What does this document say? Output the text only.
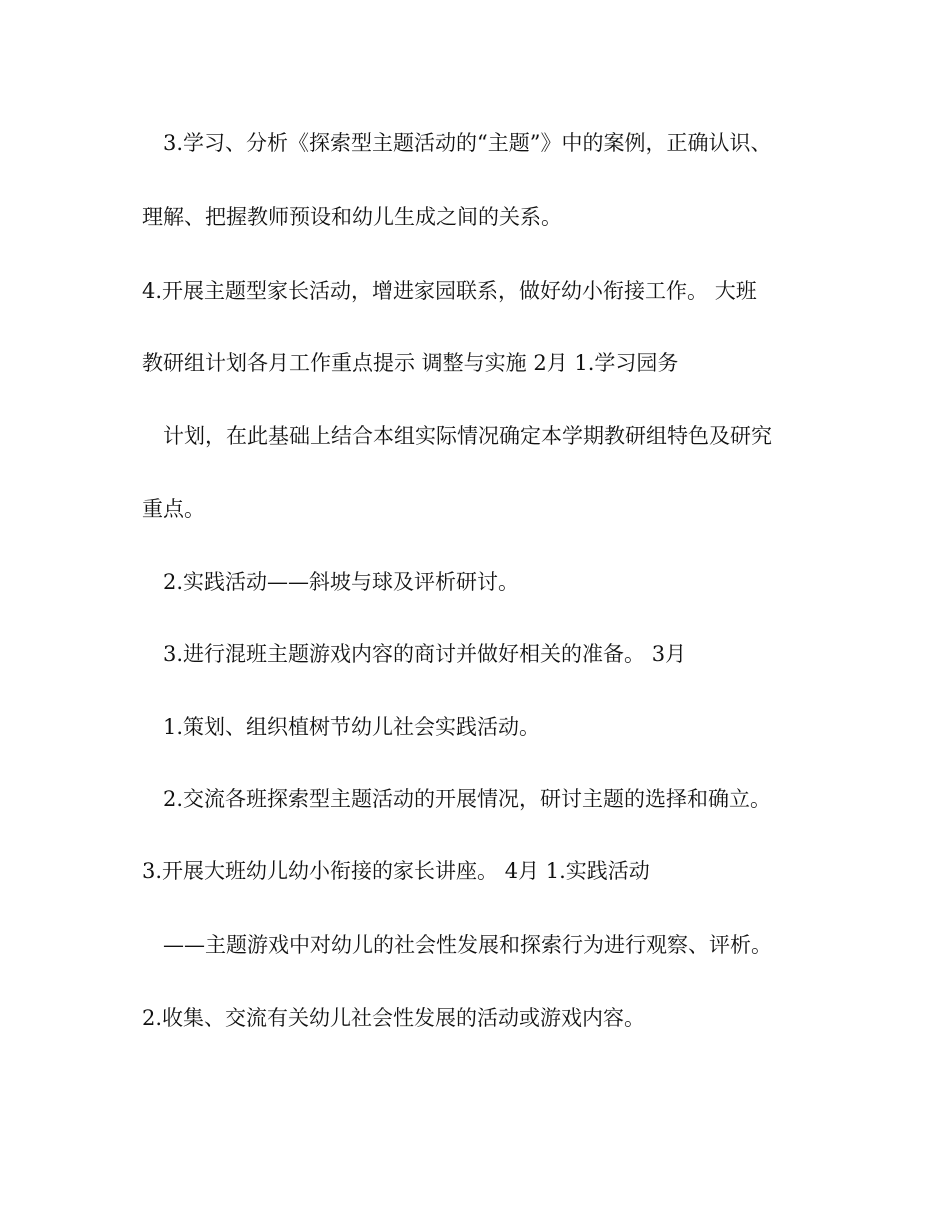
3.学习、分析《探索型主题活动的“主题”》中的案例，正确认识、

理解、把握教师预设和幼儿生成之间的关系。

4.开展主题型家长活动，增进家园联系，做好幼小衔接工作。 大班

教研组计划各月工作重点提示 调整与实施 2月 1.学习园务

计划，在此基础上结合本组实际情况确定本学期教研组特色及研究

重点。

2.实践活动——斜坡与球及评析研讨。

3.进行混班主题游戏内容的商讨并做好相关的准备。 3月

1.策划、组织植树节幼儿社会实践活动。

2.交流各班探索型主题活动的开展情况，研讨主题的选择和确立。

3.开展大班幼儿幼小衔接的家长讲座。 4月 1.实践活动

——主题游戏中对幼儿的社会性发展和探索行为进行观察、评析。

2.收集、交流有关幼儿社会性发展的活动或游戏内容。
